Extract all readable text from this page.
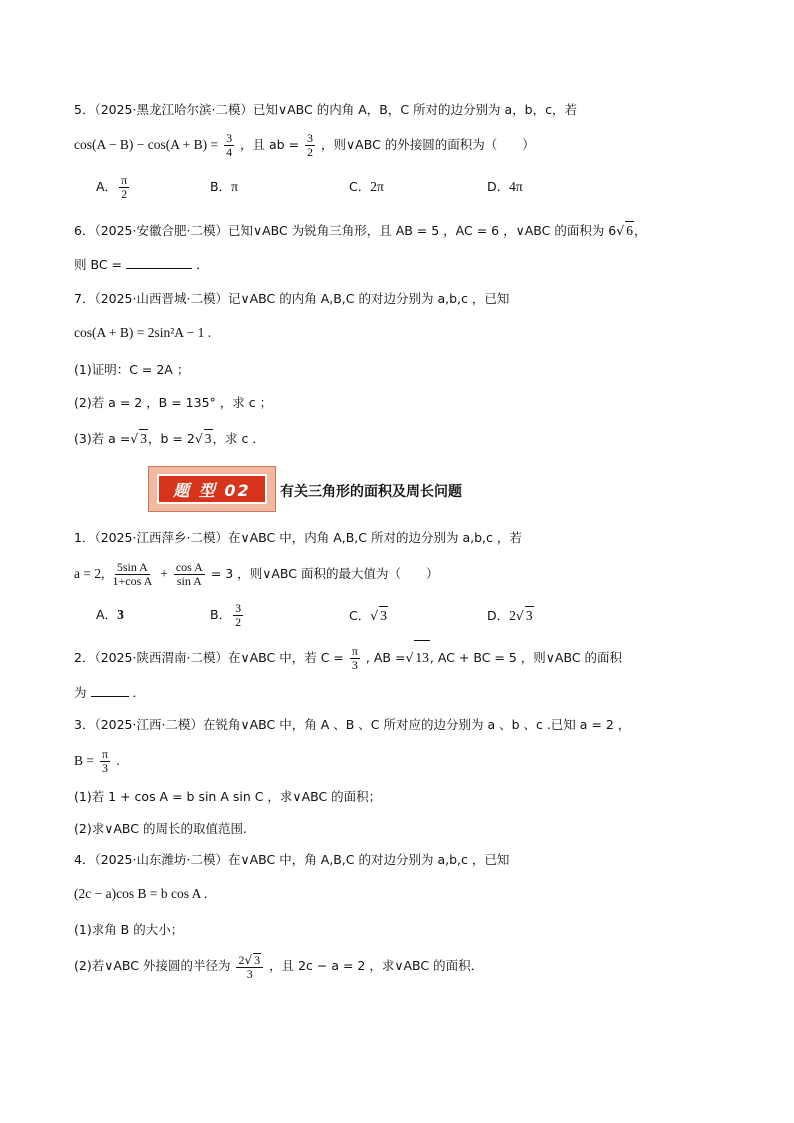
5．（2025·黑龙江哈尔滨·二模）已知∨ABC 的内角 A，B，C 所对的边分别为 a，b，c，若
$\cos(A - B) - \cos(A + B) = \frac{3}{4}$ ，且 ab = $\frac{3}{2}$ ，则∨ABC 的外接圆的面积为（　　）
A． $\frac{\pi}{2}$	B．π	C．2π	D．4π
6．（2025·安徽合肥·二模）已知∨ABC 为锐角三角形，且 AB = 5 ，AC = 6 ，∨ABC 的面积为 6√ 6，
则 BC =	．
7．（2025·山西晋城·二模）记∨ABC 的内角 A,B,C 的对边分别为 a,b,c ，已知
cos(A + B) = 2sin²A − 1 .
(1)证明：C = 2A ；
(2)若 a = 2 ，B = 135° ，求 c ；
(3)若 a =√ 3，b = 2√ 3，求 c ．
题 型 02 有关三角形的面积及周长问题
1．（2025·江西萍乡·二模）在∨ABC 中，内角 A,B,C 所对的边分别为 a,b,c ，若
a = 2, $\frac{\text{5sin A}}{\text{1+cos A}} + \frac{\text{cos A}}{\text{sin A}} = 3$ ，则∨ABC 面积的最大值为（　　）
A．3	B． $\frac{3}{2}$	C．√ 3	D．2√ 3
2．（2025·陕西渭南·二模）在∨ABC 中，若 $C = \frac{\pi}{3}$ , AB =√ 13, AC + BC = 5 ，则∨ABC 的面积
为	．
3．（2025·江西·二模）在锐角∨ABC 中，角 A 、B 、C 所对应的边分别为 a 、b 、c .已知 a = 2 ，
$B = \frac{\pi}{3}$ .
(1)若 1 + cos A = b sin A sin C ，求∨ABC 的面积；
(2)求∨ABC 的周长的取值范围.
4．（2025·山东潍坊·二模）在∨ABC 中，角 A,B,C 的对边分别为 a,b,c ，已知
(2c − a)cos B = b cos A .
(1)求角 B 的大小；
(2)若∨ABC 外接圆的半径为 $\frac{2√ 3}{3}$ ，且 2c − a = 2 ，求∨ABC 的面积．
